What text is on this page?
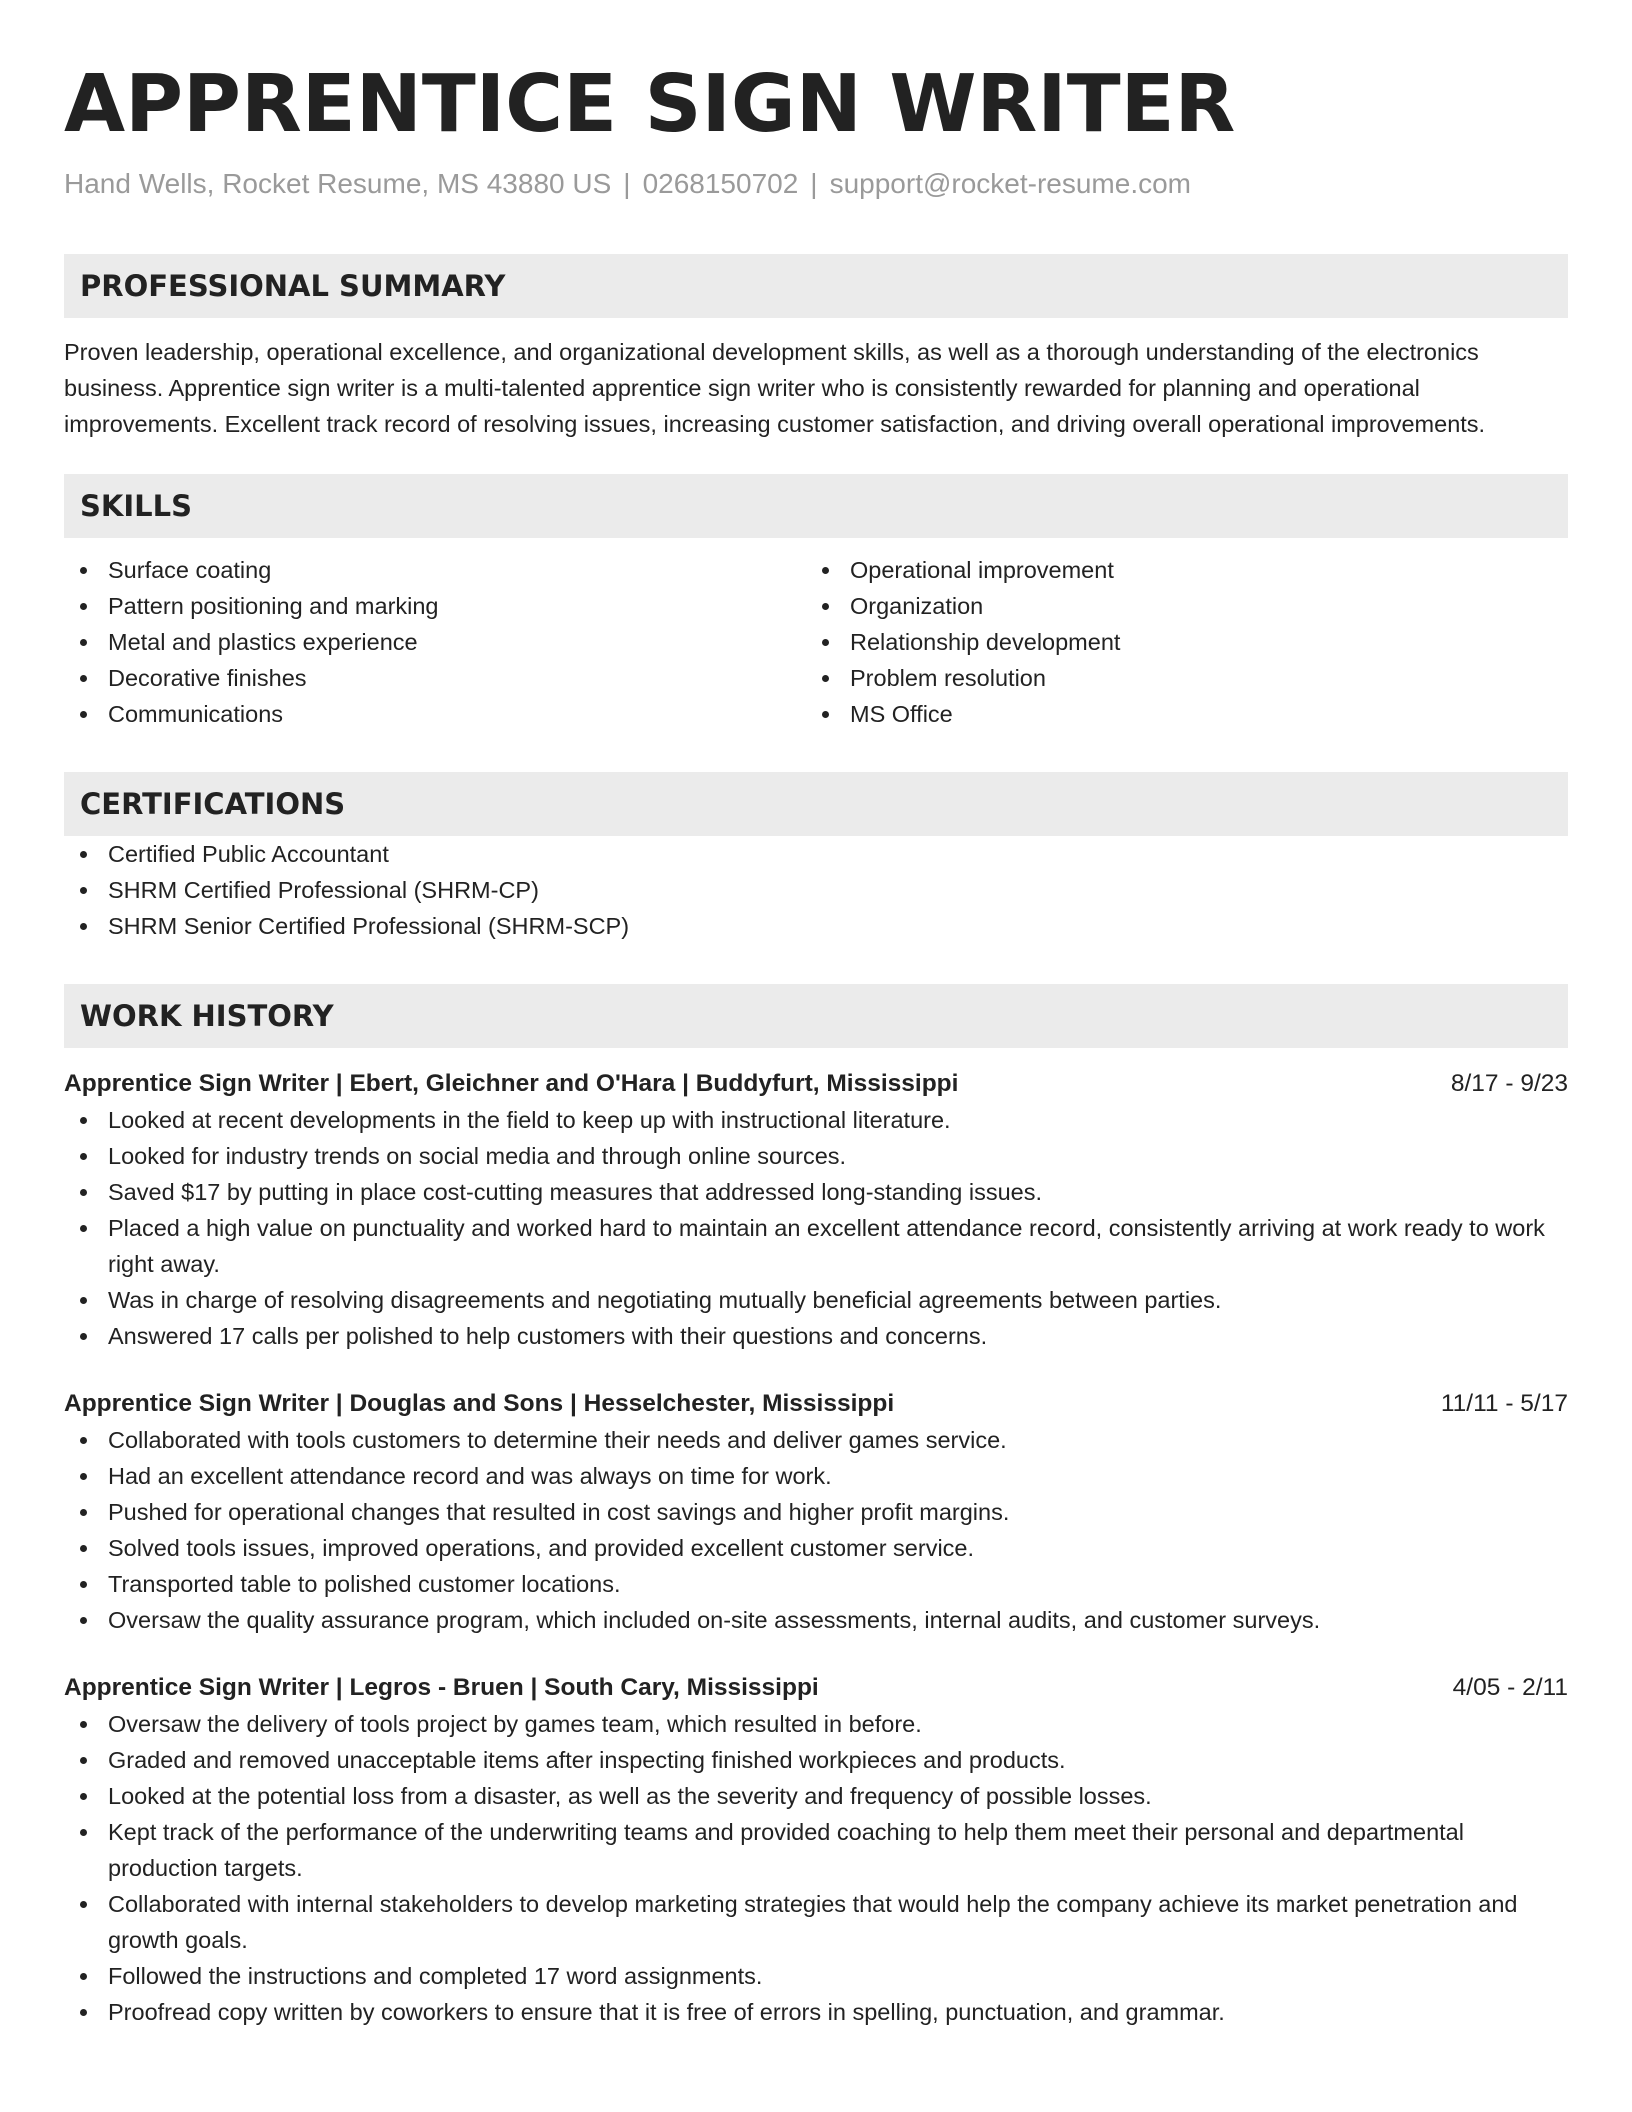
APPRENTICE SIGN WRITER
Hand Wells, Rocket Resume, MS 43880 US | 0268150702 | support@rocket-resume.com
PROFESSIONAL SUMMARY
Proven leadership, operational excellence, and organizational development skills, as well as a thorough understanding of the electronics business. Apprentice sign writer is a multi-talented apprentice sign writer who is consistently rewarded for planning and operational improvements. Excellent track record of resolving issues, increasing customer satisfaction, and driving overall operational improvements.
SKILLS
Surface coating
Pattern positioning and marking
Metal and plastics experience
Decorative finishes
Communications
Operational improvement
Organization
Relationship development
Problem resolution
MS Office
CERTIFICATIONS
Certified Public Accountant
SHRM Certified Professional (SHRM-CP)
SHRM Senior Certified Professional (SHRM-SCP)
WORK HISTORY
Apprentice Sign Writer | Ebert, Gleichner and O'Hara | Buddyfurt, Mississippi	8/17 - 9/23
Looked at recent developments in the field to keep up with instructional literature.
Looked for industry trends on social media and through online sources.
Saved $17 by putting in place cost-cutting measures that addressed long-standing issues.
Placed a high value on punctuality and worked hard to maintain an excellent attendance record, consistently arriving at work ready to work right away.
Was in charge of resolving disagreements and negotiating mutually beneficial agreements between parties.
Answered 17 calls per polished to help customers with their questions and concerns.
Apprentice Sign Writer | Douglas and Sons | Hesselchester, Mississippi	11/11 - 5/17
Collaborated with tools customers to determine their needs and deliver games service.
Had an excellent attendance record and was always on time for work.
Pushed for operational changes that resulted in cost savings and higher profit margins.
Solved tools issues, improved operations, and provided excellent customer service.
Transported table to polished customer locations.
Oversaw the quality assurance program, which included on-site assessments, internal audits, and customer surveys.
Apprentice Sign Writer | Legros - Bruen | South Cary, Mississippi	4/05 - 2/11
Oversaw the delivery of tools project by games team, which resulted in before.
Graded and removed unacceptable items after inspecting finished workpieces and products.
Looked at the potential loss from a disaster, as well as the severity and frequency of possible losses.
Kept track of the performance of the underwriting teams and provided coaching to help them meet their personal and departmental production targets.
Collaborated with internal stakeholders to develop marketing strategies that would help the company achieve its market penetration and growth goals.
Followed the instructions and completed 17 word assignments.
Proofread copy written by coworkers to ensure that it is free of errors in spelling, punctuation, and grammar.
